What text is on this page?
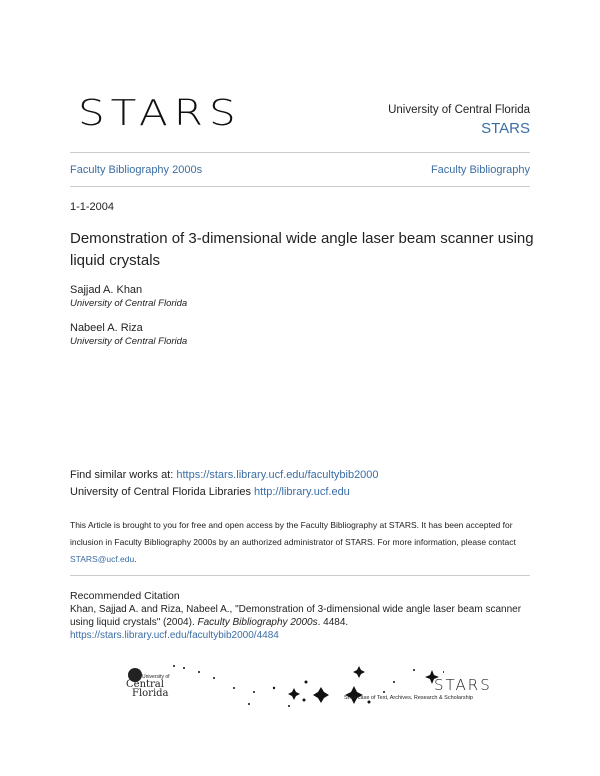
STARS	University of Central Florida
STARS
Faculty Bibliography 2000s	Faculty Bibliography
1-1-2004
Demonstration of 3-dimensional wide angle laser beam scanner using liquid crystals
Sajjad A. Khan
University of Central Florida
Nabeel A. Riza
University of Central Florida
Find similar works at: https://stars.library.ucf.edu/facultybib2000
University of Central Florida Libraries http://library.ucf.edu
This Article is brought to you for free and open access by the Faculty Bibliography at STARS. It has been accepted for inclusion in Faculty Bibliography 2000s by an authorized administrator of STARS. For more information, please contact STARS@ucf.edu.
Recommended Citation
Khan, Sajjad A. and Riza, Nabeel A., "Demonstration of 3-dimensional wide angle laser beam scanner using liquid crystals" (2004). Faculty Bibliography 2000s. 4484.
https://stars.library.ucf.edu/facultybib2000/4484
University of
Central
Florida	STARS
Showcase of Text, Archives, Research & Scholarship
